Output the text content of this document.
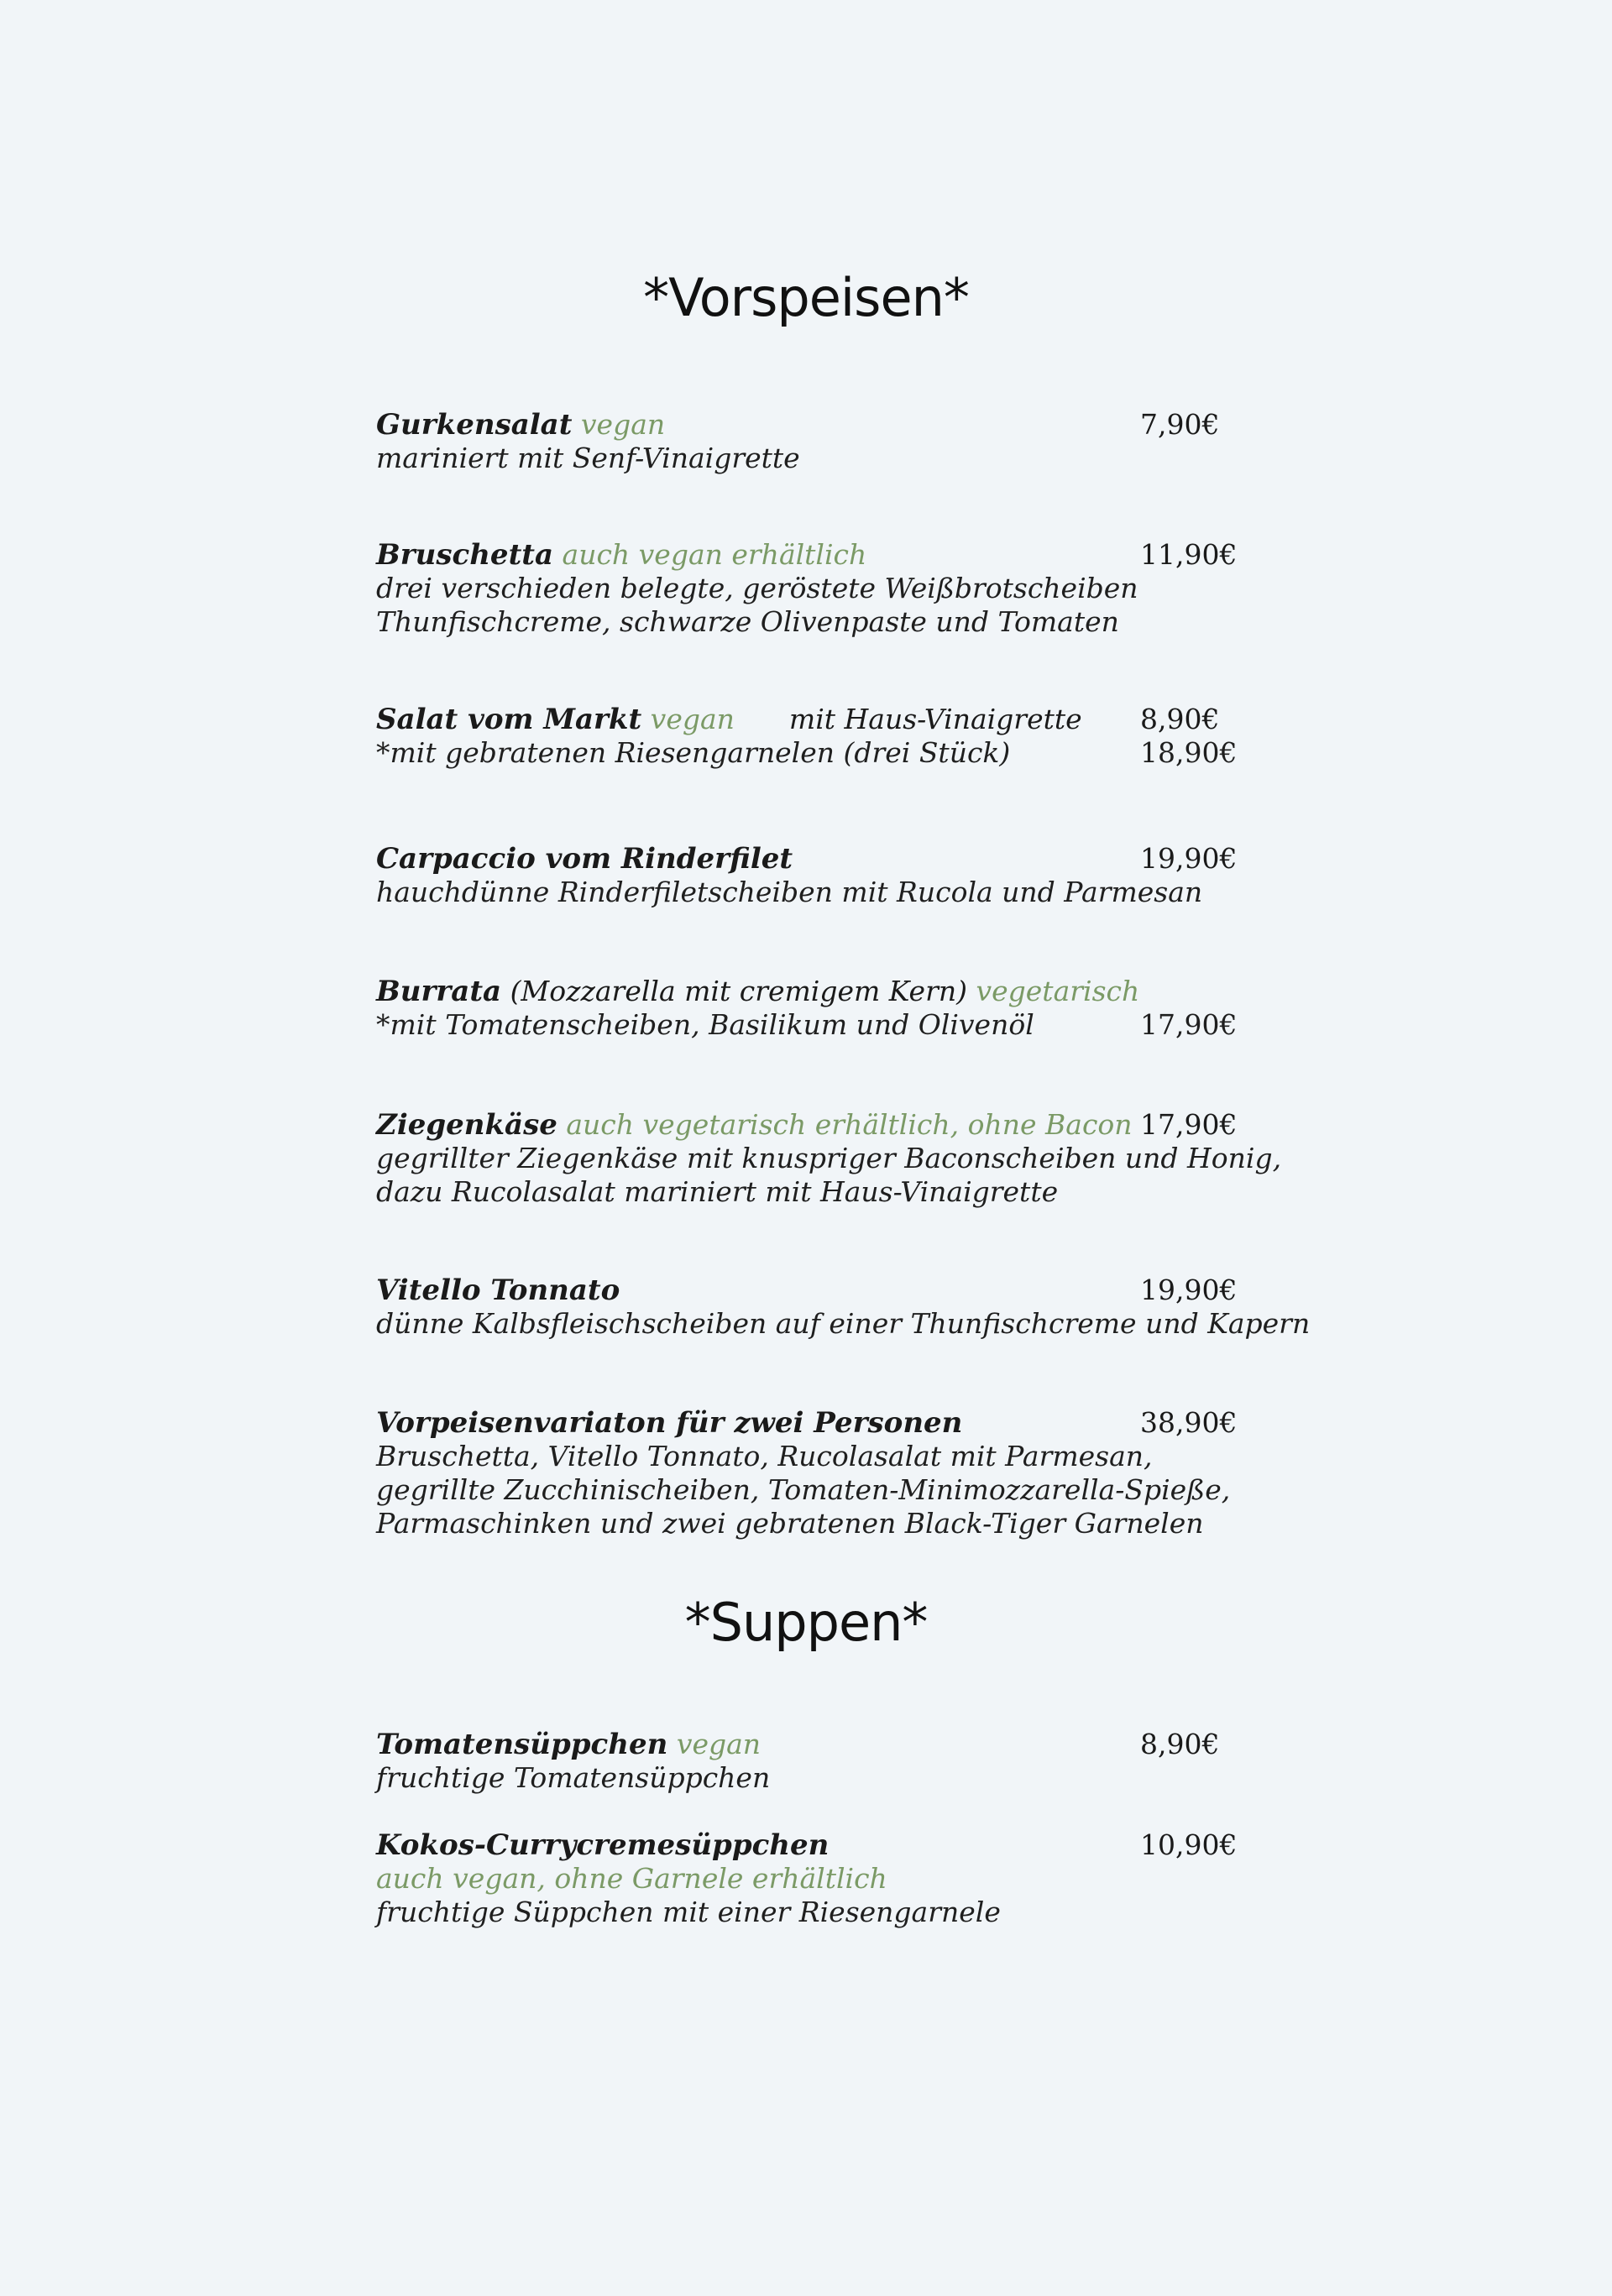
*Vorspeisen*
Gurkensalat vegan	7,90€
mariniert mit Senf-Vinaigrette
Bruschetta auch vegan erhältlich	11,90€
drei verschieden belegte, geröstete Weißbrotscheiben
Thunfischcreme, schwarze Olivenpaste und Tomaten
Salat vom Markt vegan mit Haus-Vinaigrette 8,90€
*mit gebratenen Riesengarnelen (drei Stück)	18,90€
Carpaccio vom Rinderfilet	19,90€
hauchdünne Rinderfiletscheiben mit Rucola und Parmesan
Burrata (Mozzarella mit cremigem Kern) vegetarisch
*mit Tomatenscheiben, Basilikum und Olivenöl	17,90€
Ziegenkäse auch vegetarisch erhältlich, ohne Bacon 17,90€
gegrillter Ziegenkäse mit knuspriger Baconscheiben und Honig,
dazu Rucolasalat mariniert mit Haus-Vinaigrette
Vitello Tonnato	19,90€
dünne Kalbsfleischscheiben auf einer Thunfischcreme und Kapern
Vorpeisenvariaton für zwei Personen	38,90€
Bruschetta, Vitello Tonnato, Rucolasalat mit Parmesan,
gegrillte Zucchinischeiben, Tomaten-Minimozzarella-Spieße,
Parmaschinken und zwei gebratenen Black-Tiger Garnelen
*Suppen*
Tomatensüppchen vegan	8,90€
fruchtige Tomatensüppchen
Kokos-Currycremesüppchen	10,90€
auch vegan, ohne Garnele erhältlich
fruchtige Süppchen mit einer Riesengarnele
